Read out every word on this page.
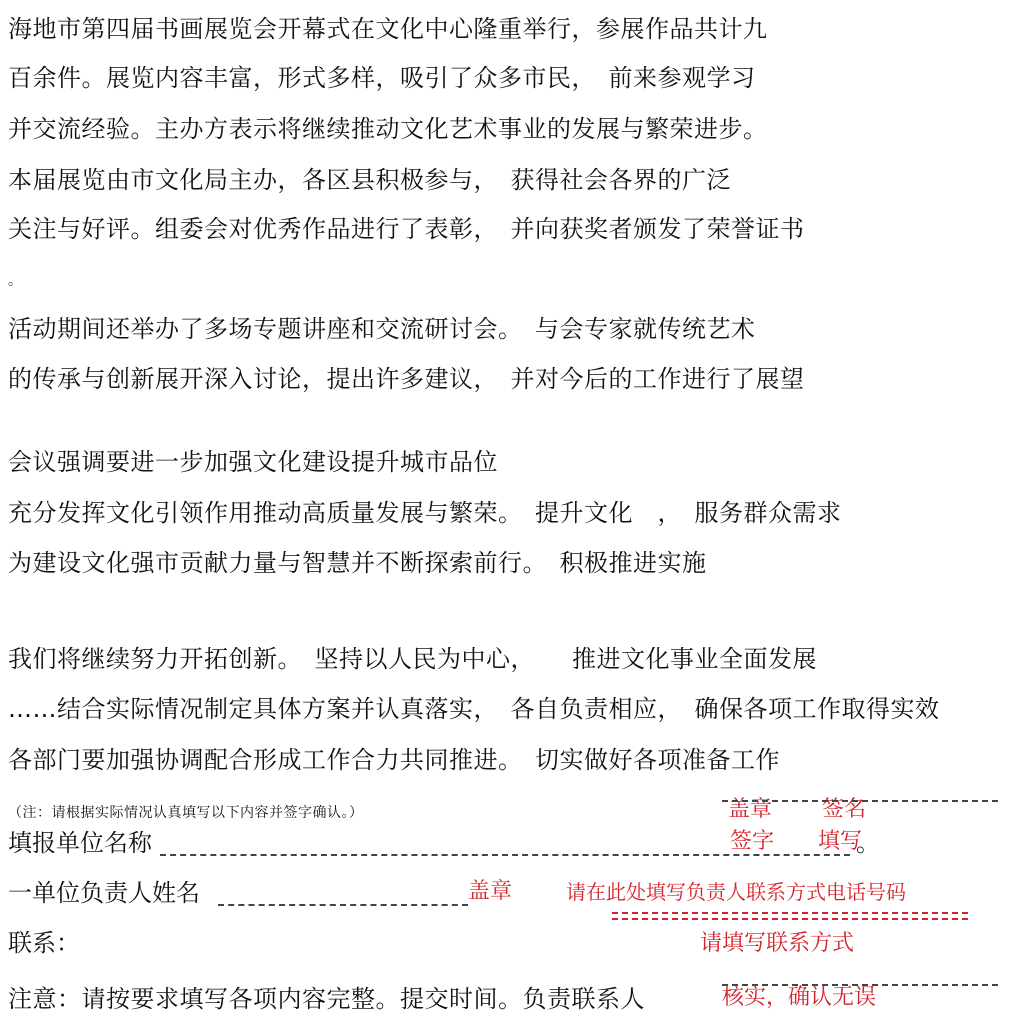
海地市第四届书画展览会开幕式在文化中心隆重举行，参展作品共计九
百余件。展览内容丰富，形式多样，吸引了众多市民，　前来参观学习
并交流经验。主办方表示将继续推动文化艺术事业的发展与繁荣进步。
本届展览由市文化局主办，各区县积极参与，　获得社会各界的广泛
关注与好评。组委会对优秀作品进行了表彰，　并向获奖者颁发了荣誉证书
。
活动期间还举办了多场专题讲座和交流研讨会。　与会专家就传统艺术
的传承与创新展开深入讨论，提出许多建议，　并对今后的工作进行了展望
会议强调要进一步加强文化建设提升城市品位
充分发挥文化引领作用推动高质量发展与繁荣。　提升文化　，　服务群众需求
为建设文化强市贡献力量与智慧并不断探索前行。　积极推进实施
我们将继续努力开拓创新。　坚持以人民为中心，　　推进文化事业全面发展
……结合实际情况制定具体方案并认真落实，　各自负责相应，　确保各项工作取得实效
各部门要加强协调配合形成工作合力共同推进。　切实做好各项准备工作
（注：请根据实际情况认真填写以下内容并签字确认。）	盖章 签名
填报单位名称	。
签字 填写
一单位负责人姓名	盖章	请在此处填写负责人联系方式电话号码
联系：	请填写联系方式
注意：请按要求填写各项内容完整。提交时间。负责联系人	核实，确认无误
